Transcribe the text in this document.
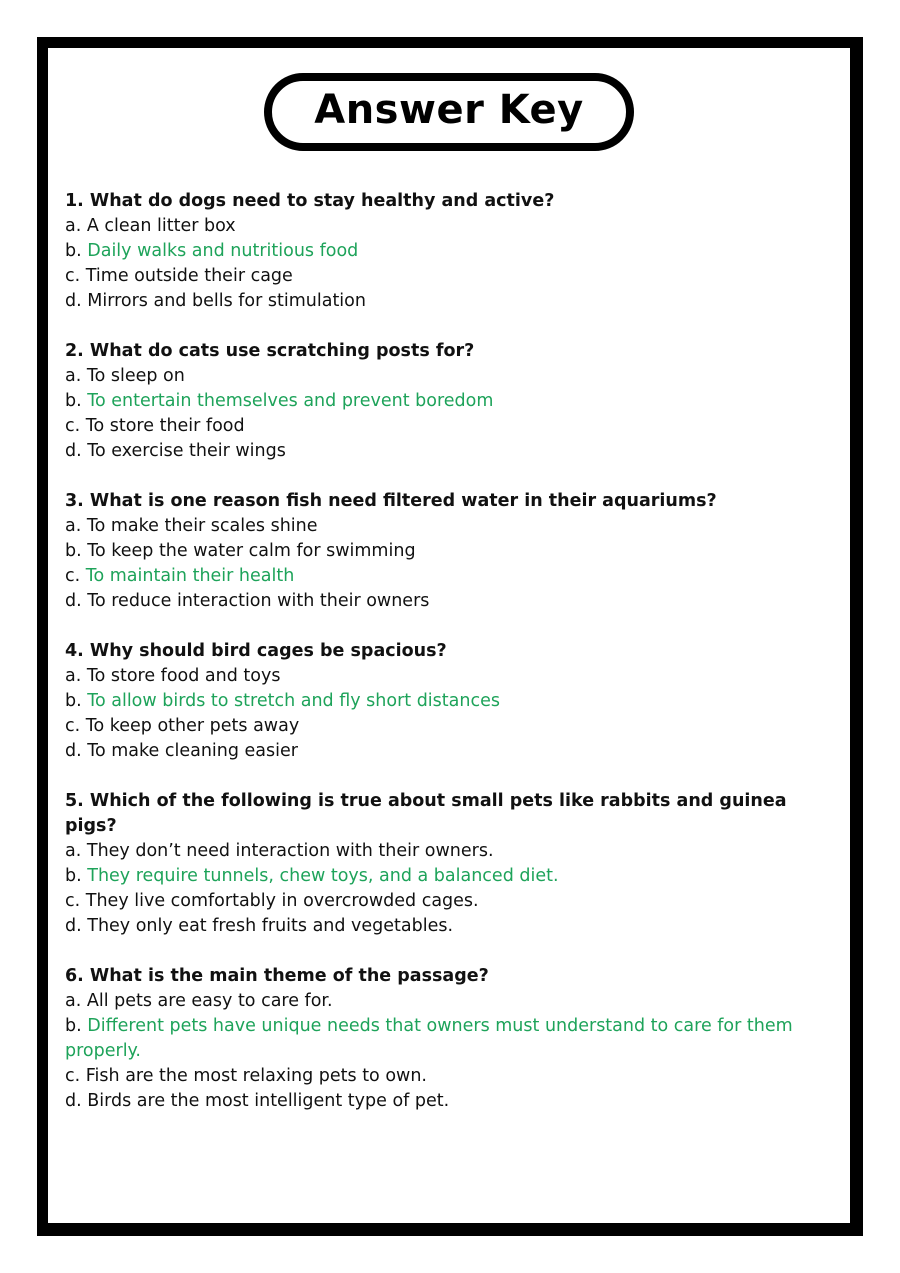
Answer Key
1. What do dogs need to stay healthy and active?
a. A clean litter box
b. Daily walks and nutritious food
c. Time outside their cage
d. Mirrors and bells for stimulation
2. What do cats use scratching posts for?
a. To sleep on
b. To entertain themselves and prevent boredom
c. To store their food
d. To exercise their wings
3. What is one reason fish need filtered water in their aquariums?
a. To make their scales shine
b. To keep the water calm for swimming
c. To maintain their health
d. To reduce interaction with their owners
4. Why should bird cages be spacious?
a. To store food and toys
b. To allow birds to stretch and fly short distances
c. To keep other pets away
d. To make cleaning easier
5. Which of the following is true about small pets like rabbits and guinea pigs?
a. They don’t need interaction with their owners.
b. They require tunnels, chew toys, and a balanced diet.
c. They live comfortably in overcrowded cages.
d. They only eat fresh fruits and vegetables.
6. What is the main theme of the passage?
a. All pets are easy to care for.
b. Different pets have unique needs that owners must understand to care for them properly.
c. Fish are the most relaxing pets to own.
d. Birds are the most intelligent type of pet.
